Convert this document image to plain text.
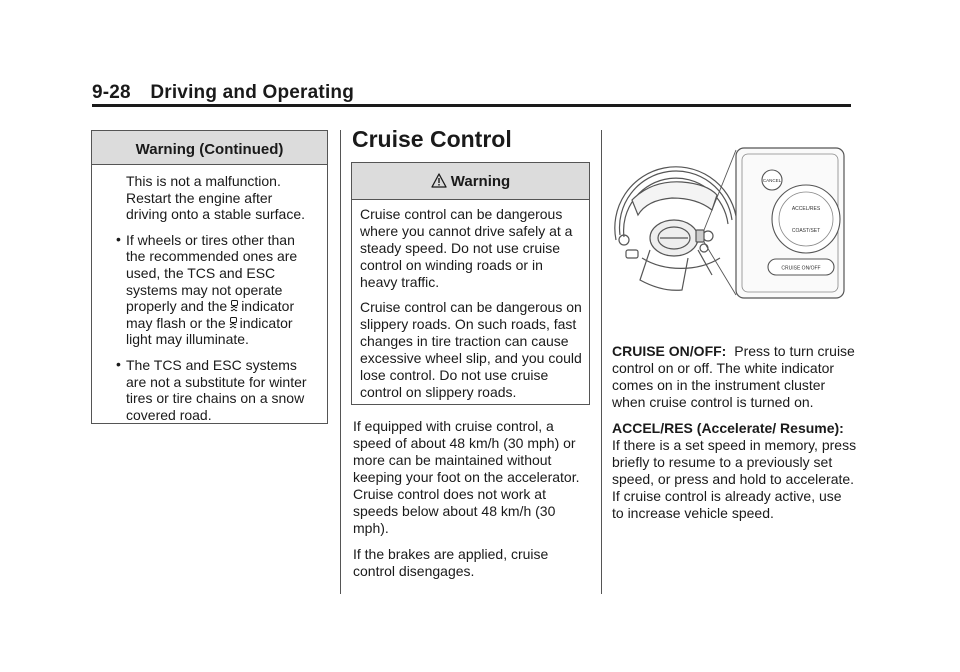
9-28 Driving and Operating
Warning (Continued)

This is not a malfunction. Restart the engine after driving onto a stable surface.

• If wheels or tires other than the recommended ones are used, the TCS and ESC systems may not operate properly and the indicator may flash or the indicator light may illuminate.
• The TCS and ESC systems are not a substitute for winter tires or tire chains on a snow covered road.
Cruise Control
Warning

Cruise control can be dangerous where you cannot drive safely at a steady speed. Do not use cruise control on winding roads or in heavy traffic.

Cruise control can be dangerous on slippery roads. On such roads, fast changes in tire traction can cause excessive wheel slip, and you could lose control. Do not use cruise control on slippery roads.

If equipped with cruise control, a speed of about 48 km/h (30 mph) or more can be maintained without keeping your foot on the accelerator. Cruise control does not work at speeds below about 48 km/h (30 mph).

If the brakes are applied, cruise control disengages.

CANCEL
ACCEL/RES
COAST/SET
CRUISE ON/OFF

CRUISE ON/OFF: Press to turn cruise control on or off. The white indicator comes on in the instrument cluster when cruise control is turned on.

ACCEL/RES (Accelerate/ Resume): If there is a set speed in memory, press briefly to resume to a previously set speed, or press and hold to accelerate. If cruise control is already active, use to increase vehicle speed.
